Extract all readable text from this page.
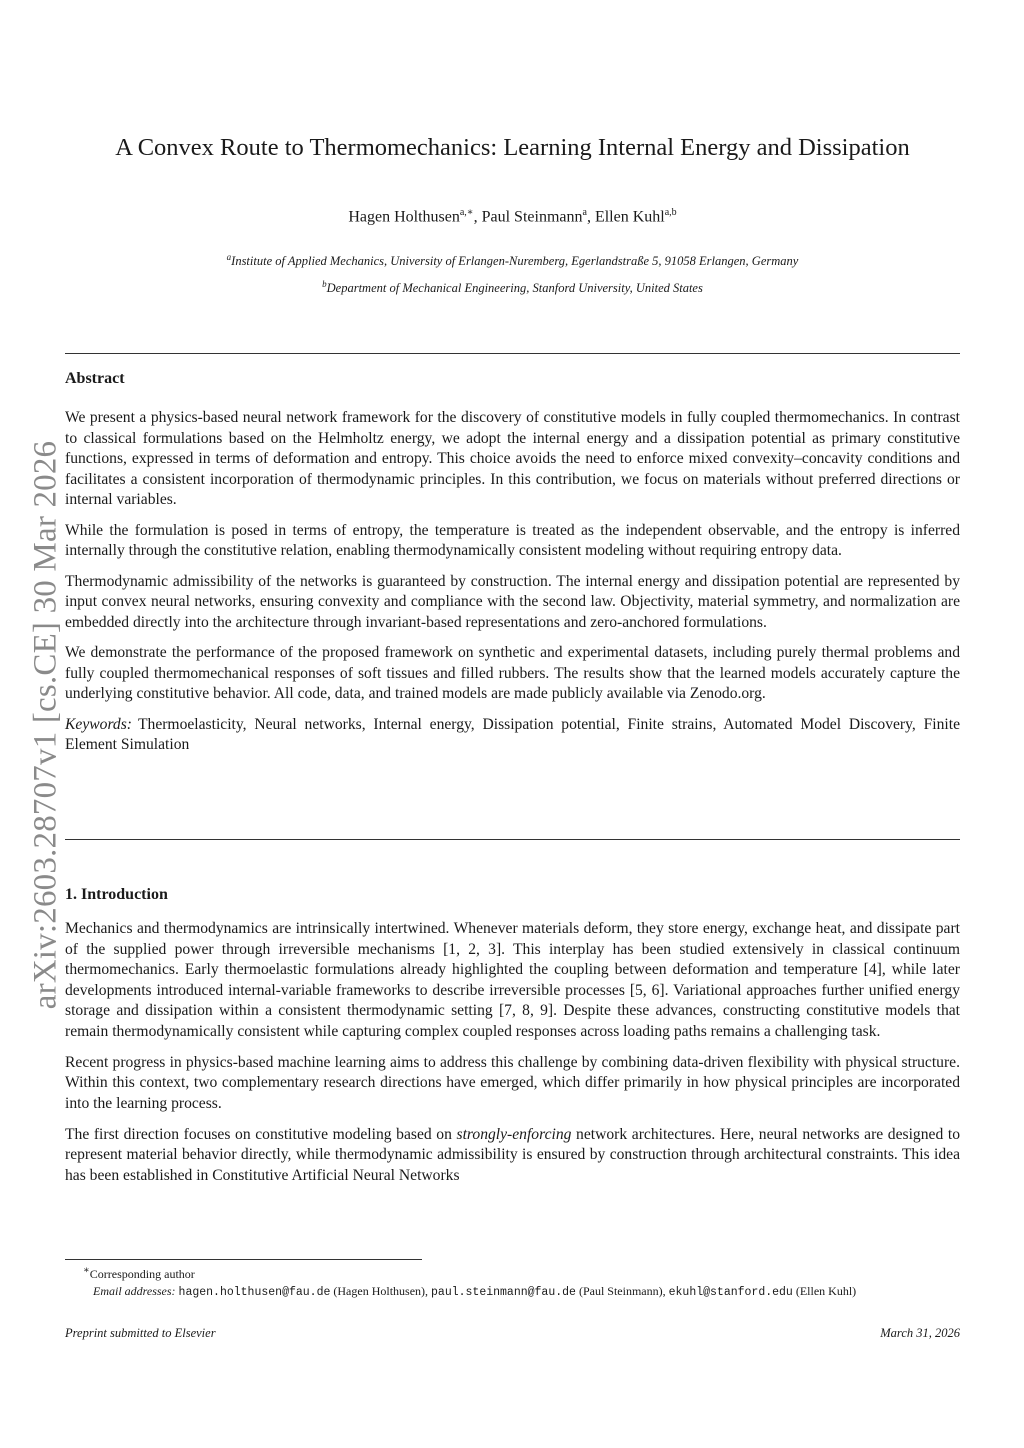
arXiv:2603.28707v1 [cs.CE] 30 Mar 2026
A Convex Route to Thermomechanics: Learning Internal Energy and Dissipation
Hagen Holthusen$^{a,∗}$, Paul Steinmann$^a$, Ellen Kuhl$^{a,b}$
$^a$Institute of Applied Mechanics, University of Erlangen-Nuremberg, Egerlandstraße 5, 91058 Erlangen, Germany
$^b$Department of Mechanical Engineering, Stanford University, United States
Abstract

We present a physics-based neural network framework for the discovery of constitutive models in fully coupled thermomechanics. In contrast to classical formulations based on the Helmholtz energy, we adopt the internal energy and a dissipation potential as primary constitutive functions, expressed in terms of deformation and entropy. This choice avoids the need to enforce mixed convexity–concavity conditions and facilitates a consistent incorporation of thermodynamic principles. In this contribution, we focus on materials without preferred directions or internal variables.

While the formulation is posed in terms of entropy, the temperature is treated as the independent observable, and the entropy is inferred internally through the constitutive relation, enabling thermodynamically consistent modeling without requiring entropy data.

Thermodynamic admissibility of the networks is guaranteed by construction. The internal energy and dissipation potential are represented by input convex neural networks, ensuring convexity and compliance with the second law. Objectivity, material symmetry, and normalization are embedded directly into the architecture through invariant-based representations and zero-anchored formulations.

We demonstrate the performance of the proposed framework on synthetic and experimental datasets, including purely thermal problems and fully coupled thermomechanical responses of soft tissues and filled rubbers. The results show that the learned models accurately capture the underlying constitutive behavior. All code, data, and trained models are made publicly available via Zenodo.org.

Keywords: Thermoelasticity, Neural networks, Internal energy, Dissipation potential, Finite strains, Automated Model Discovery, Finite Element Simulation

1. Introduction

Mechanics and thermodynamics are intrinsically intertwined. Whenever materials deform, they store energy, exchange heat, and dissipate part of the supplied power through irreversible mechanisms [1, 2, 3]. This interplay has been studied extensively in classical continuum thermomechanics. Early thermoelastic formulations already highlighted the coupling between deformation and temperature [4], while later developments introduced internal-variable frameworks to describe irreversible processes [5, 6]. Variational approaches further unified energy storage and dissipation within a consistent thermodynamic setting [7, 8, 9]. Despite these advances, constructing constitutive models that remain thermodynamically consistent while capturing complex coupled responses across loading paths remains a challenging task.

Recent progress in physics-based machine learning aims to address this challenge by combining data-driven flexibility with physical structure. Within this context, two complementary research directions have emerged, which differ primarily in how physical principles are incorporated into the learning process.

The first direction focuses on constitutive modeling based on strongly-enforcing network architectures. Here, neural networks are designed to represent material behavior directly, while thermodynamic admissibility is ensured by construction through architectural constraints. This idea has been established in Constitutive Artificial Neural Networks

∗Corresponding author
Email addresses: hagen.holthusen@fau.de (Hagen Holthusen), paul.steinmann@fau.de (Paul Steinmann), ekuhl@stanford.edu (Ellen Kuhl)
Preprint submitted to Elsevier	March 31, 2026
